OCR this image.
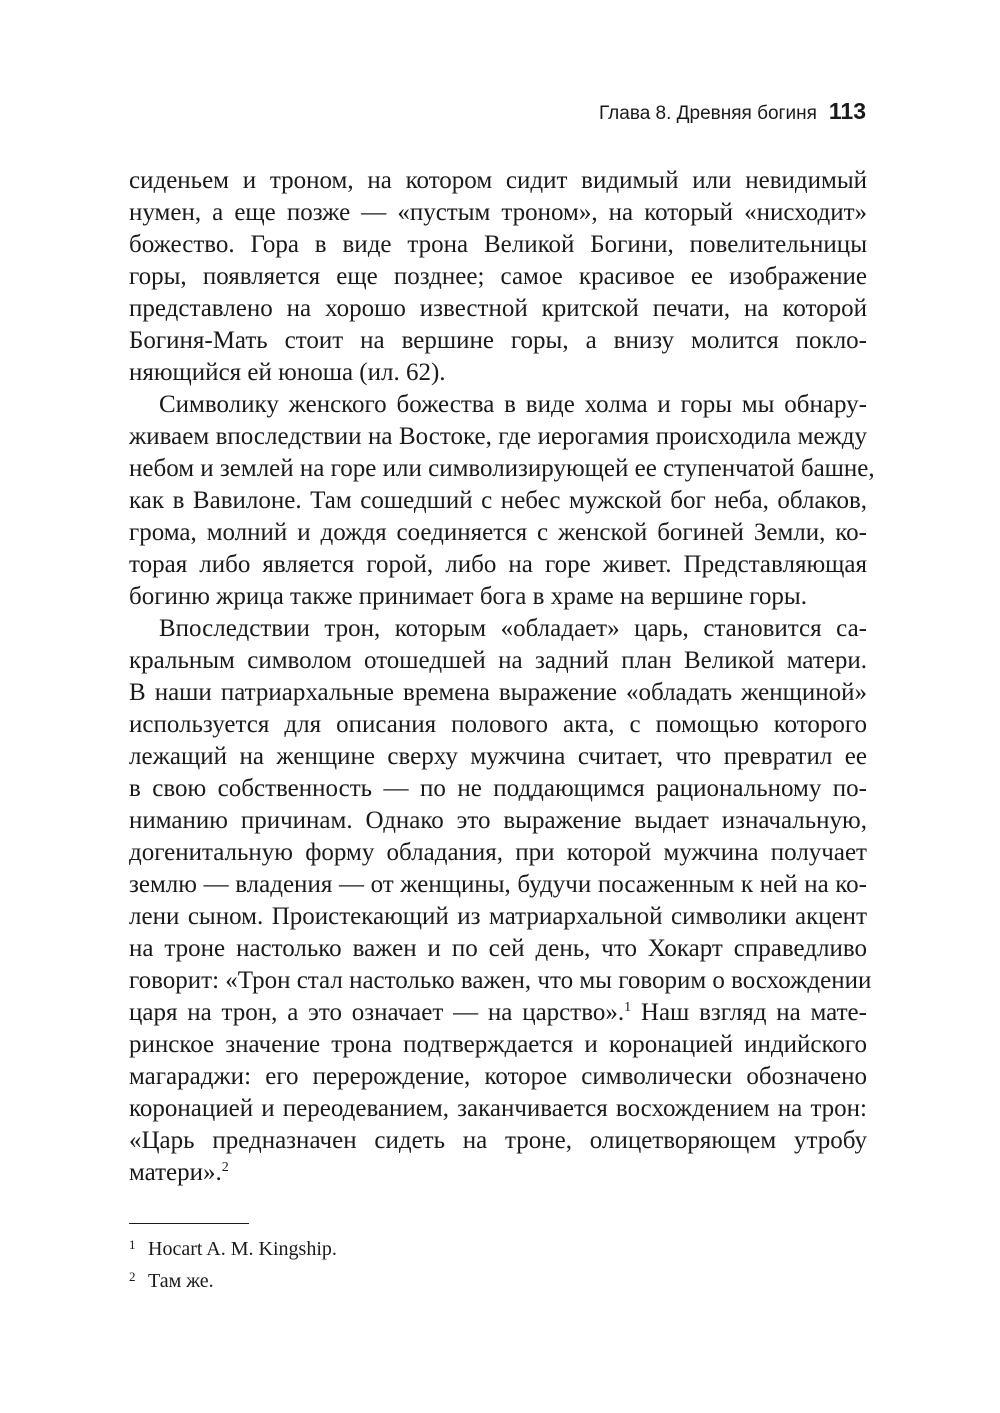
Глава 8. Древняя богиня 113
сиденьем и троном, на котором сидит видимый или невидимый
нумен, а еще позже — «пустым троном», на который «нисходит»
божество. Гора в виде трона Великой Богини, повелительницы
горы, появляется еще позднее; самое красивое ее изображение
представлено на хорошо известной критской печати, на которой
Богиня-Мать стоит на вершине горы, а внизу молится покло-
няющийся ей юноша (ил. 62).
Символику женского божества в виде холма и горы мы обнару-
живаем впоследствии на Востоке, где иерогамия происходила между
небом и землей на горе или символизирующей ее ступенчатой башне,
как в Вавилоне. Там сошедший с небес мужской бог неба, облаков,
грома, молний и дождя соединяется с женской богиней Земли, ко-
торая либо является горой, либо на горе живет. Представляющая
богиню жрица также принимает бога в храме на вершине горы.
Впоследствии трон, которым «обладает» царь, становится са-
кральным символом отошедшей на задний план Великой матери.
В наши патриархальные времена выражение «обладать женщиной»
используется для описания полового акта, с помощью которого
лежащий на женщине сверху мужчина считает, что превратил ее
в свою собственность — по не поддающимся рациональному по-
ниманию причинам. Однако это выражение выдает изначальную,
догенитальную форму обладания, при которой мужчина получает
землю — владения — от женщины, будучи посаженным к ней на ко-
лени сыном. Проистекающий из матриархальной символики акцент
на троне настолько важен и по сей день, что Хокарт справедливо
говорит: «Трон стал настолько важен, что мы говорим о восхождении
царя на трон, а это означает — на царство».$^1$ Наш взгляд на мате-
ринское значение трона подтверждается и коронацией индийского
магараджи: его перерождение, которое символически обозначено
коронацией и переодеванием, заканчивается восхождением на трон:
«Царь предназначен сидеть на троне, олицетворяющем утробу
матери».$^2$
1 Hocart A. M. Kingship.
2 Там же.
